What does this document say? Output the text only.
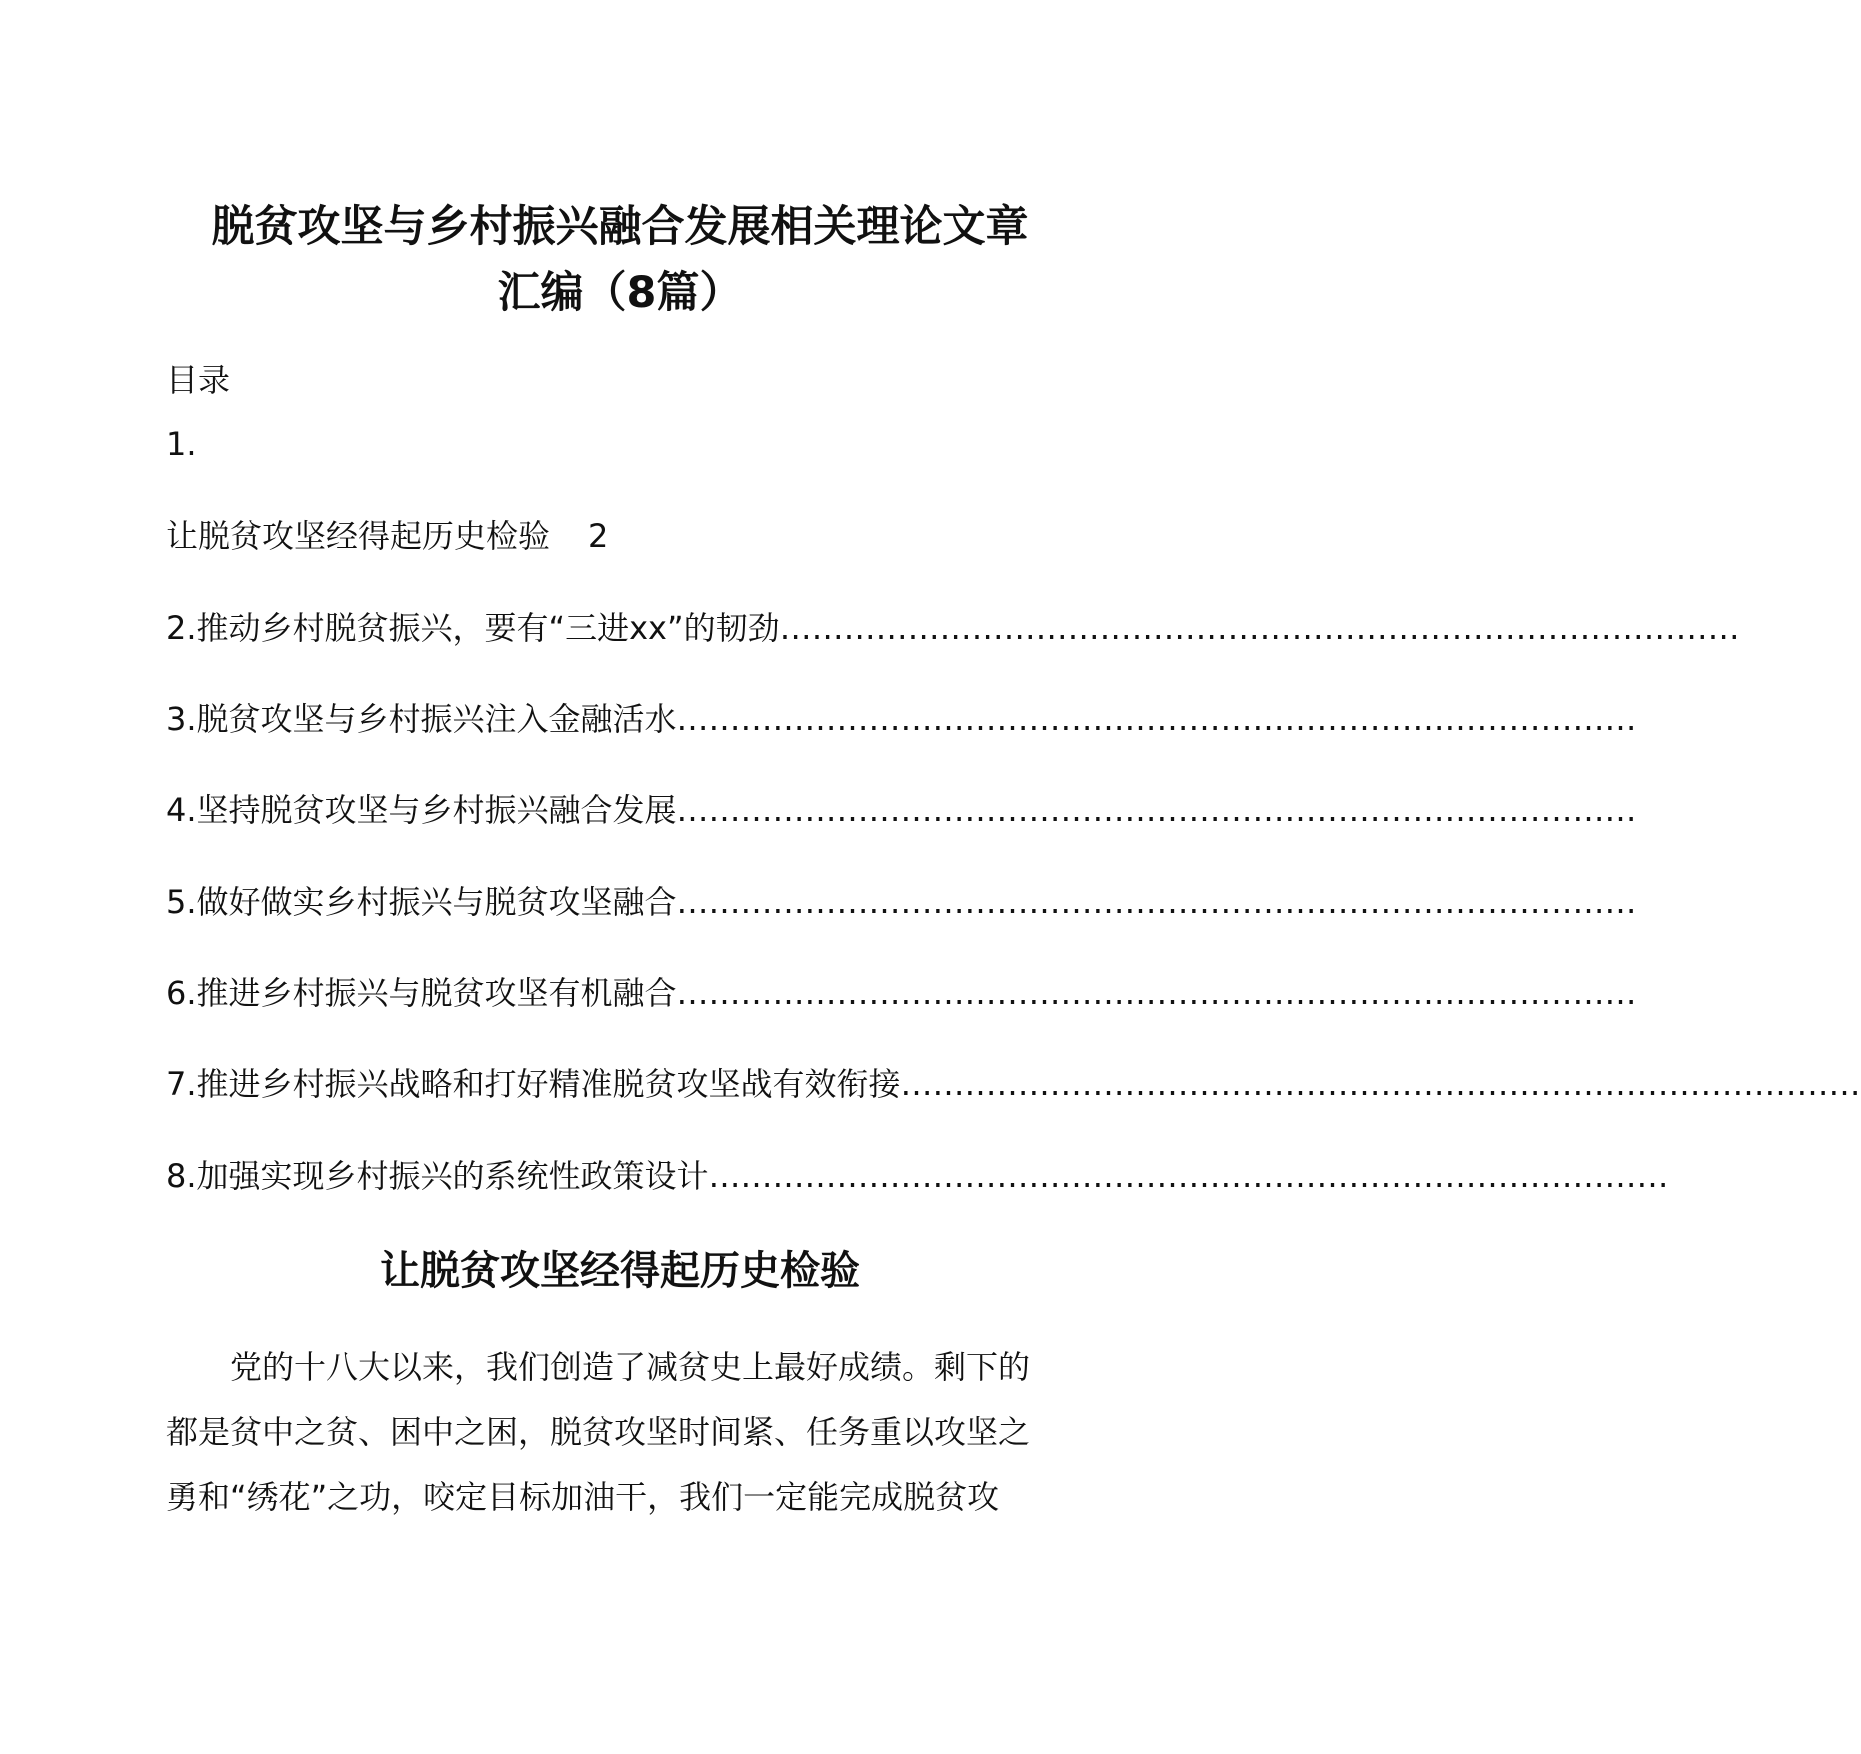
脱贫攻坚与乡村振兴融合发展相关理论文章
汇编（8篇）
目录
1.
让脱贫攻坚经得起历史检验 2
2.推动乡村脱贫振兴，要有“三进xx”的韧劲………………………………………………………………………………
3.脱贫攻坚与乡村振兴注入金融活水………………………………………………………………………………
4.坚持脱贫攻坚与乡村振兴融合发展………………………………………………………………………………
5.做好做实乡村振兴与脱贫攻坚融合………………………………………………………………………………
6.推进乡村振兴与脱贫攻坚有机融合………………………………………………………………………………
7.推进乡村振兴战略和打好精准脱贫攻坚战有效衔接………………………………………………………………………………
8.加强实现乡村振兴的系统性政策设计………………………………………………………………………………
让脱贫攻坚经得起历史检验

　　党的十八大以来，我们创造了减贫史上最好成绩。剩下的

都是贫中之贫、困中之困，脱贫攻坚时间紧、任务重以攻坚之

勇和“绣花”之功，咬定目标加油干，我们一定能完成脱贫攻
